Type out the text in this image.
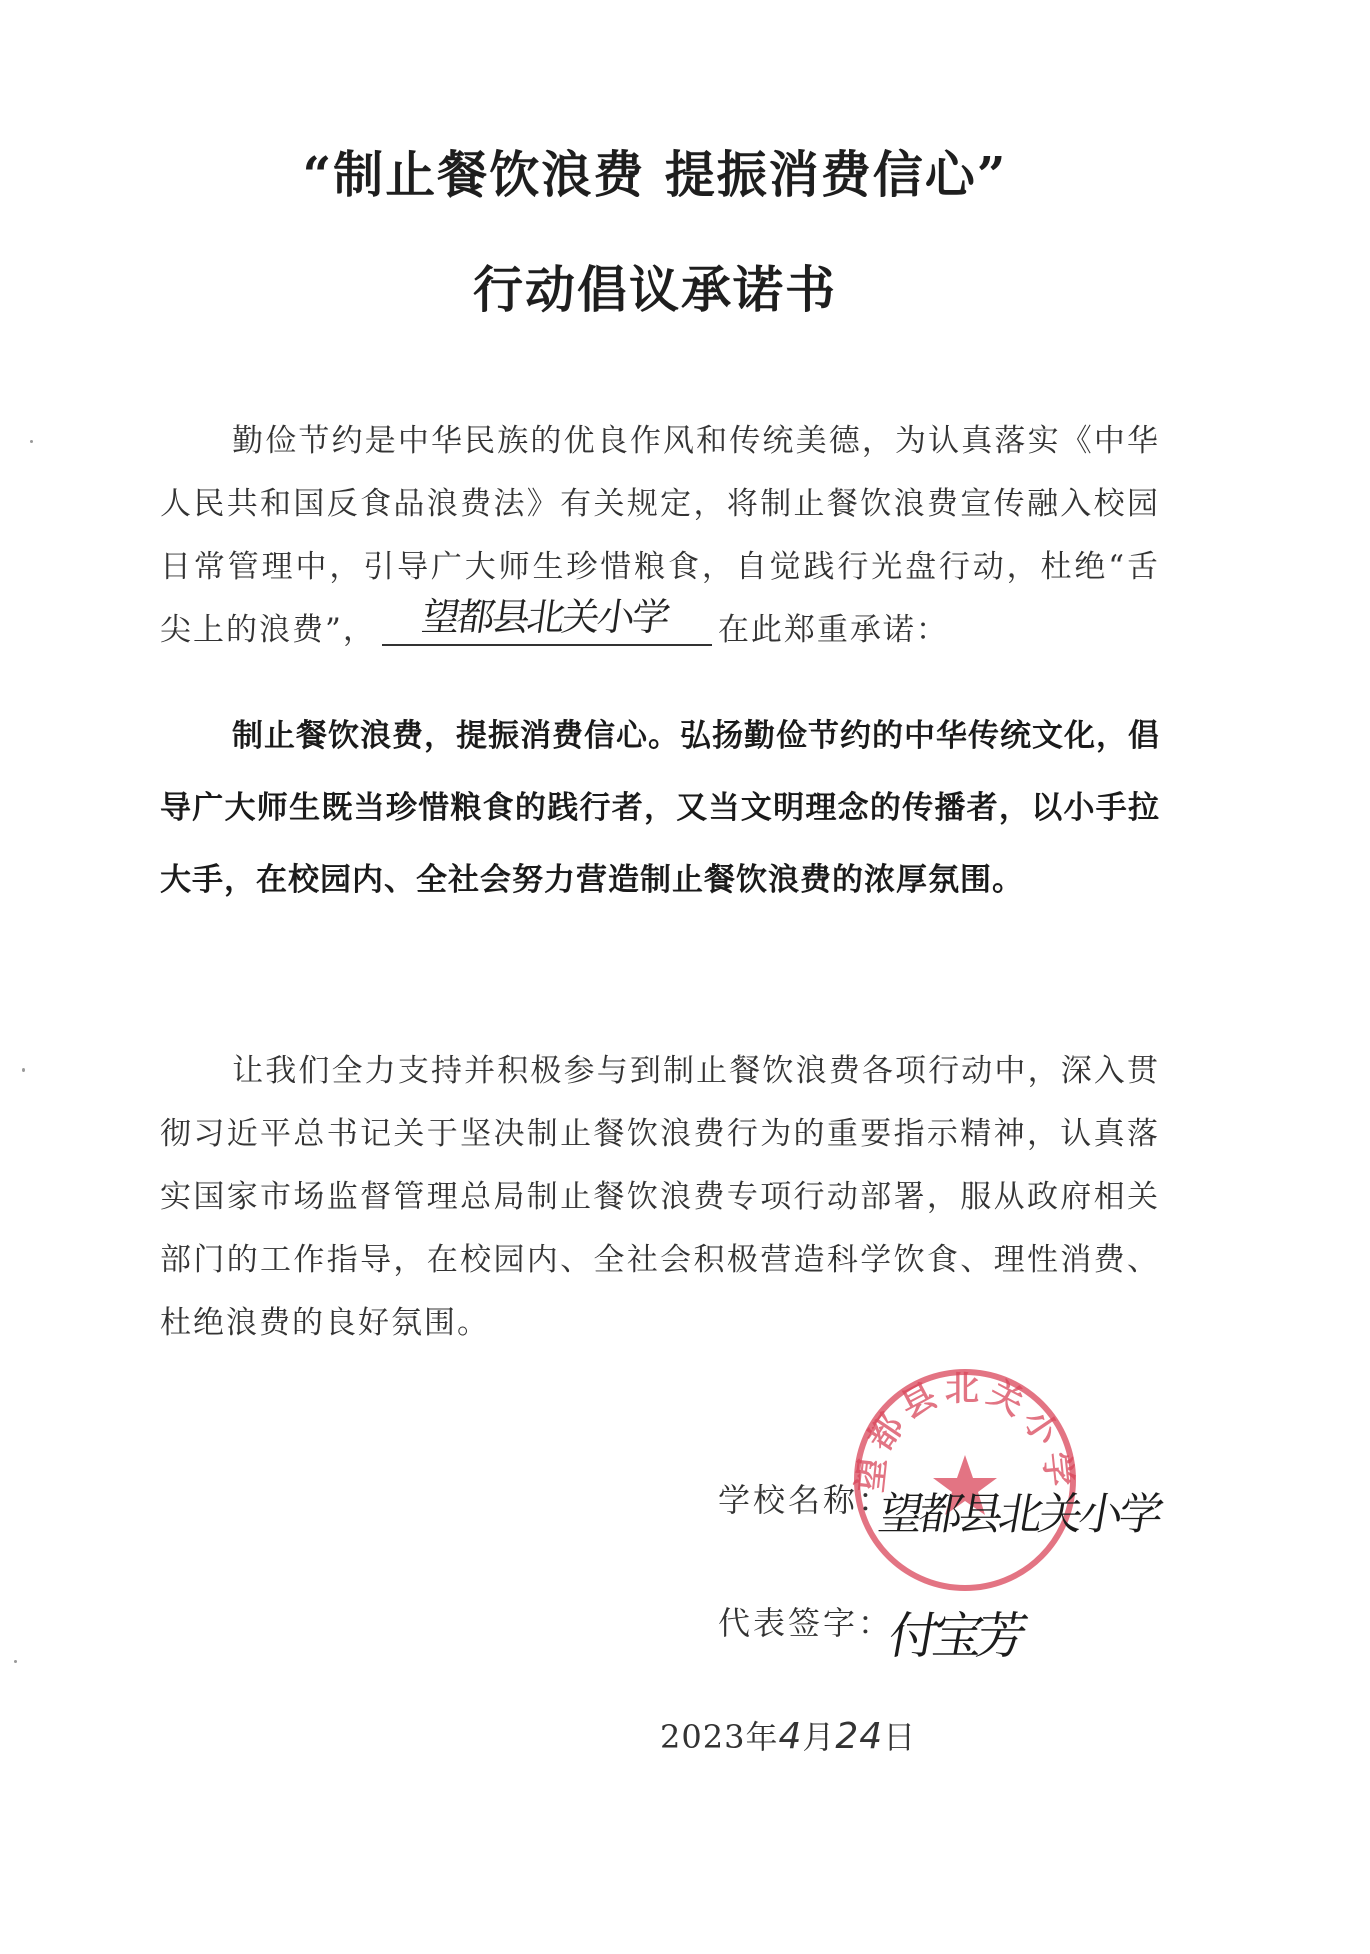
“制止餐饮浪费 提振消费信心”
行动倡议承诺书
勤俭节约是中华民族的优良作风和传统美德，为认真落实《中华人民共和国反食品浪费法》有关规定，将制止餐饮浪费宣传融入校园日常管理中，引导广大师生珍惜粮食，自觉践行光盘行动，杜绝“舌尖上的浪费”， 望都县北关小学 在此郑重承诺：
制止餐饮浪费，提振消费信心。弘扬勤俭节约的中华传统文化，倡导广大师生既当珍惜粮食的践行者，又当文明理念的传播者，以小手拉大手，在校园内、全社会努力营造制止餐饮浪费的浓厚氛围。
让我们全力支持并积极参与到制止餐饮浪费各项行动中，深入贯彻习近平总书记关于坚决制止餐饮浪费行为的重要指示精神，认真落实国家市场监督管理总局制止餐饮浪费专项行动部署，服从政府相关部门的工作指导，在校园内、全社会积极营造科学饮食、理性消费、杜绝浪费的良好氛围。
望都县北关小学
学校名称：
望都县北关小学
代表签字：
付宝芳
2023年4月24日
